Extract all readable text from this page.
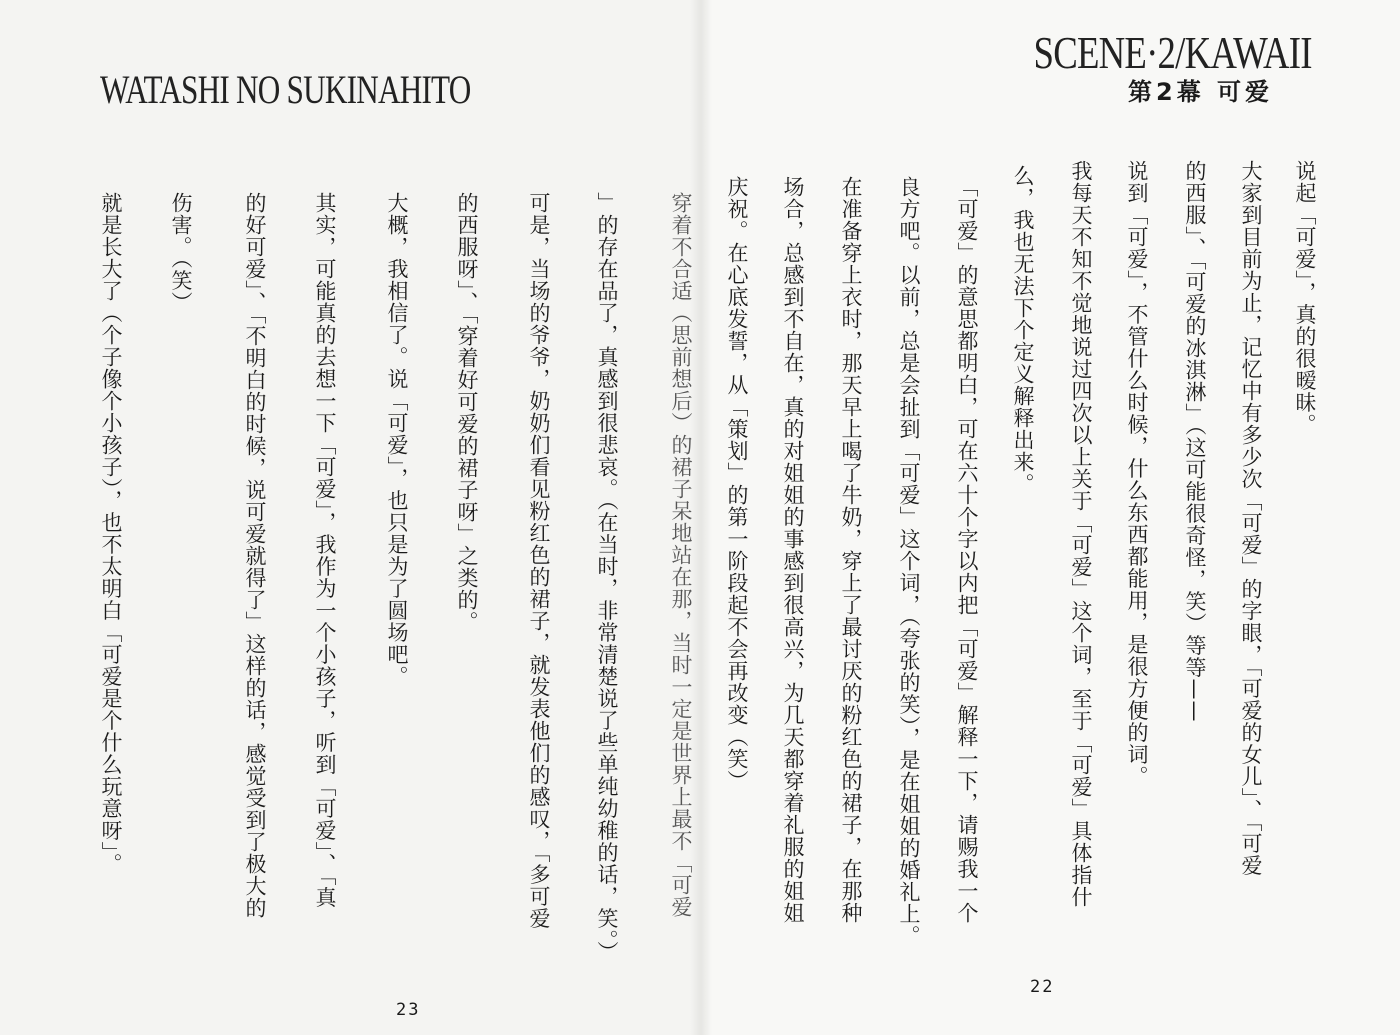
WATASHI NO SUKINAHITO
SCENE·2/KAWAII
第2幕 可爱
说起「可爱」，真的很暧昧。
大家到目前为止，记忆中有多少次「可爱」的字眼，「可爱的女儿」、「可爱
的西服」、「可爱的冰淇淋」（这可能很奇怪，笑）等等——
说到「可爱」，不管什么时候，什么东西都能用，是很方便的词。
我每天不知不觉地说过四次以上关于「可爱」这个词，至于「可爱」具体指什
么，我也无法下个定义解释出来。
「可爱」的意思都明白，可在六十个字以内把「可爱」解释一下，请赐我一个
良方吧。以前，总是会扯到「可爱」这个词，（夸张的笑），是在姐姐的婚礼上。
在准备穿上衣时，那天早上喝了牛奶，穿上了最讨厌的粉红色的裙子，在那种
场合，总感到不自在，真的对姐姐的事感到很高兴，为几天都穿着礼服的姐姐
庆祝。在心底发誓，从「策划」的第一阶段起不会再改变（笑）
穿着不合适（思前想后）的裙子呆地站在那，当时一定是世界上最不「可爱
」的存在品了，真感到很悲哀。（在当时，非常清楚说了些单纯幼稚的话，笑。）
可是，当场的爷爷，奶奶们看见粉红色的裙子，就发表他们的感叹，「多可爱
的西服呀」、「穿着好可爱的裙子呀」之类的。
大概，我相信了。说「可爱」，也只是为了圆场吧。
其实，可能真的去想一下「可爱」，我作为一个小孩子，听到「可爱」、「真
的好可爱」、「不明白的时候，说可爱就得了」这样的话，感觉受到了极大的
伤害。（笑）
就是长大了（个子像个小孩子），也不太明白「可爱是个什么玩意呀」。
23
22
